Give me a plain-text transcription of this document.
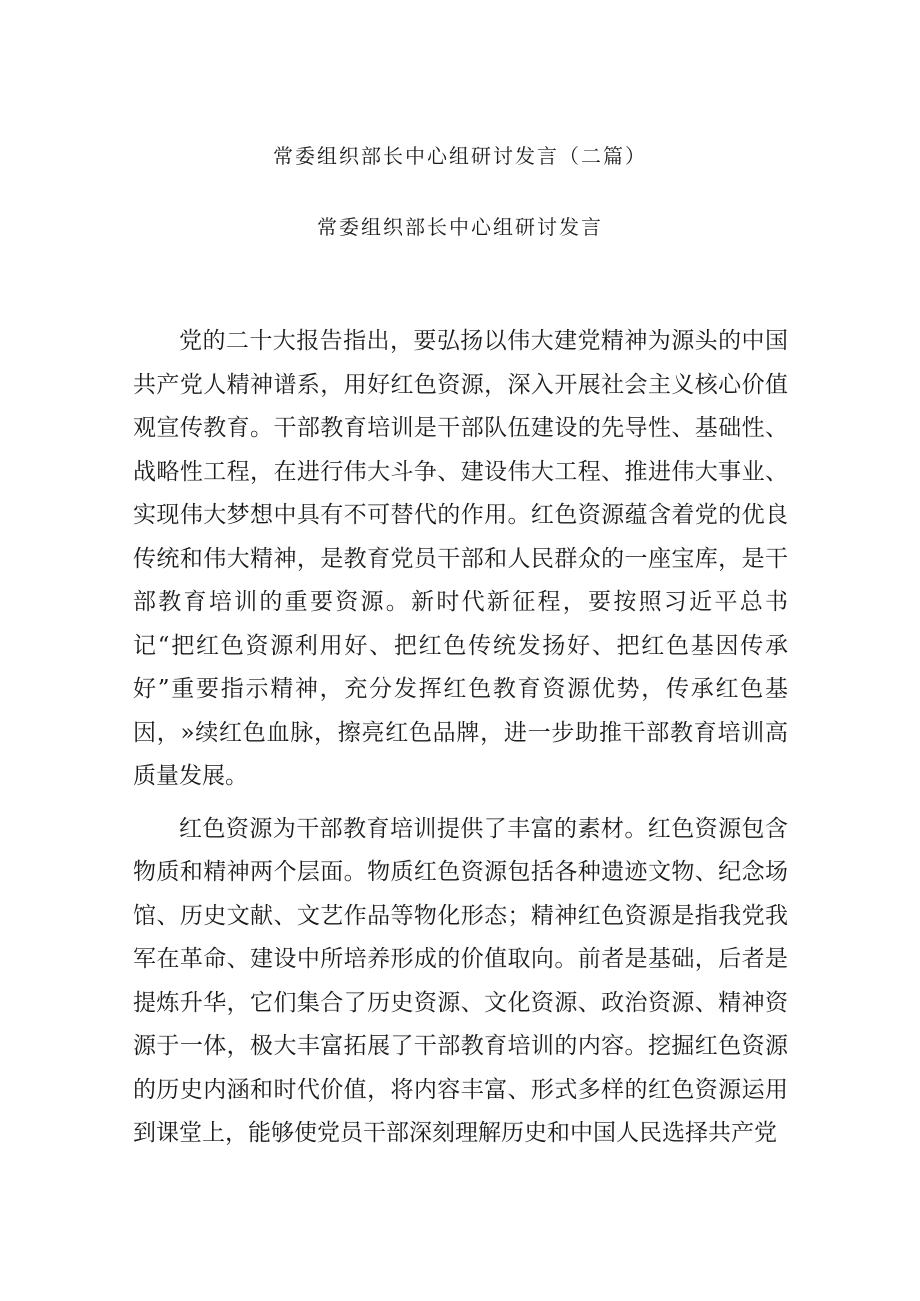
常委组织部长中心组研讨发言（二篇）
常委组织部长中心组研讨发言

党的二十大报告指出，要弘扬以伟大建党精神为源头的中国共产党人精神谱系，用好红色资源，深入开展社会主义核心价值观宣传教育。干部教育培训是干部队伍建设的先导性、基础性、战略性工程，在进行伟大斗争、建设伟大工程、推进伟大事业、实现伟大梦想中具有不可替代的作用。红色资源蕴含着党的优良传统和伟大精神，是教育党员干部和人民群众的一座宝库，是干部教育培训的重要资源。新时代新征程，要按照习近平总书记“把红色资源利用好、把红色传统发扬好、把红色基因传承好”重要指示精神，充分发挥红色教育资源优势，传承红色基因，»续红色血脉，擦亮红色品牌，进一步助推干部教育培训高质量发展。

红色资源为干部教育培训提供了丰富的素材。红色资源包含物质和精神两个层面。物质红色资源包括各种遗迹文物、纪念场馆、历史文献、文艺作品等物化形态；精神红色资源是指我党我军在革命、建设中所培养形成的价值取向。前者是基础，后者是提炼升华，它们集合了历史资源、文化资源、政治资源、精神资源于一体，极大丰富拓展了干部教育培训的内容。挖掘红色资源的历史内涵和时代价值，将内容丰富、形式多样的红色资源运用到课堂上，能够使党员干部深刻理解历史和中国人民选择共产党
